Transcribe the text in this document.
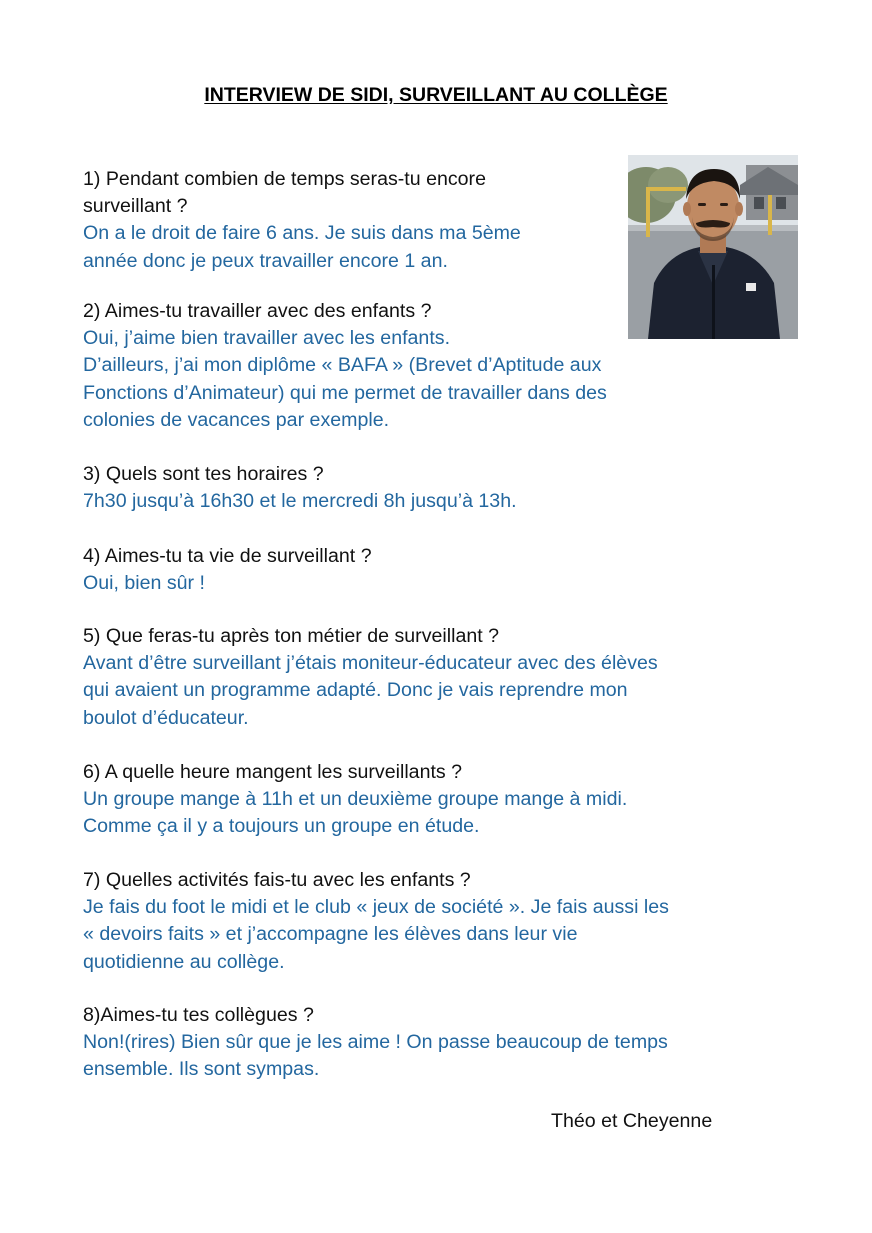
INTERVIEW DE SIDI, SURVEILLANT AU COLLÈGE
1) Pendant combien de temps seras-tu encore
surveillant ?
On a le droit de faire 6 ans. Je suis dans ma 5ème
année donc je peux travailler encore 1 an.
2) Aimes-tu travailler avec des enfants ?
Oui, j’aime bien travailler avec les enfants.
D’ailleurs, j’ai mon diplôme « BAFA » (Brevet d’Aptitude aux
Fonctions d’Animateur) qui me permet de travailler dans des
colonies de vacances par exemple.
3) Quels sont tes horaires ?
7h30 jusqu’à 16h30 et le mercredi 8h jusqu’à 13h.
4) Aimes-tu ta vie de surveillant ?
Oui, bien sûr !
5) Que feras-tu après ton métier de surveillant ?
Avant d’être surveillant j’étais moniteur-éducateur avec des élèves
qui avaient un programme adapté. Donc je vais reprendre mon
boulot d’éducateur.
6) A quelle heure mangent les surveillants ?
Un groupe mange à 11h et un deuxième groupe mange à midi.
Comme ça il y a toujours un groupe en étude.
7) Quelles activités fais-tu avec les enfants ?
Je fais du foot le midi et le club « jeux de société ». Je fais aussi les
« devoirs faits » et j’accompagne les élèves dans leur vie
quotidienne au collège.
8)Aimes-tu tes collègues ?
Non!(rires) Bien sûr que je les aime ! On passe beaucoup de temps
ensemble. Ils sont sympas.
Théo et Cheyenne
